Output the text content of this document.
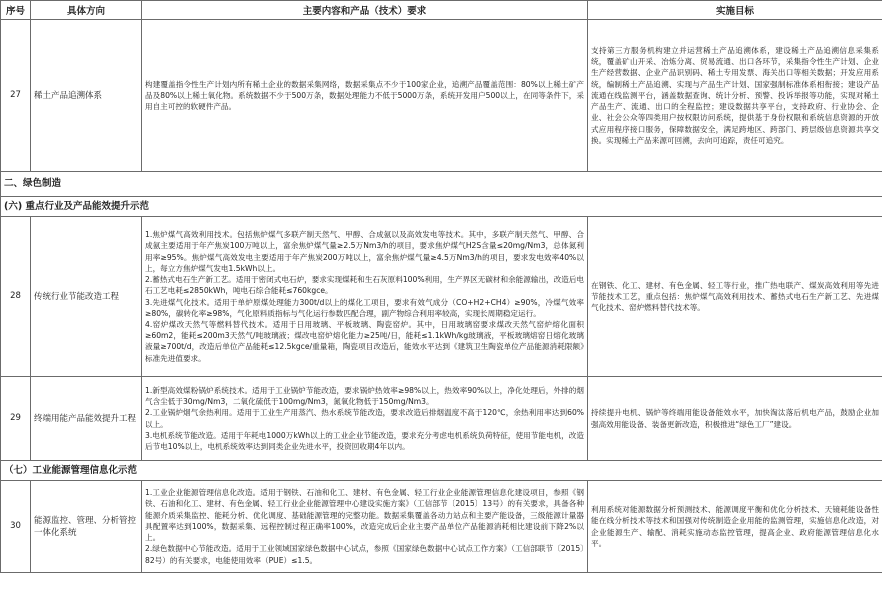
序号	具体方向	主要内容和产品（技术）要求	实施目标
27	稀土产品追溯体系	构建覆盖指令性生产计划内所有稀土企业的数据采集网络，数据采集点不少于100家企业，追溯产品覆盖范围：80%以上稀土矿产品及80%以上稀土氧化物。系统数据不少于500万条，数据处理能力不低于5000万条，系统开发用户500以上，在同等条件下，采用自主可控的软硬件产品。	支持第三方服务机构建立并运营稀土产品追溯体系，建设稀土产品追溯信息采集系统，覆盖矿山开采、冶炼分离、贸易流通、出口各环节，采集指令性生产计划、企业生产经营数据、企业产品识别码、稀土专用发票、海关出口等相关数据；开发应用系统，编制稀土产品追溯、实现与产品生产计划、国家强制标准体系相衔接；建设产品流通在线监测平台，涵盖数据查询、统计分析、预警、投诉举报等功能，实现对稀土产品生产、流通、出口的全程监控；建设数据共享平台，支持政府、行业协会、企业、社会公众等四类用户按权限访问系统，提供基于身份权限和系统信息资源的开放式应用程序接口服务，保障数据安全，满足跨地区、跨部门、跨层级信息资源共享交换。实现稀土产品来源可回溯，去向可追踪，责任可追究。
二、绿色制造			
(六) 重点行业及产品能效提升示范			
28	传统行业节能改造工程	1.焦炉煤气高效利用技术。包括焦炉煤气多联产制天然气、甲醇、合成氨以及高效发电等技术。其中，多联产制天然气、甲醇、合成氨主要适用于年产焦炭100万吨以上，富余焦炉煤气量≥2.5万Nm3/h的项目，要求焦炉煤气H2S含量≤20mg/Nm3，总体氮利用率≥95%。焦炉煤气高效发电主要适用于年产焦炭200万吨以上，富余焦炉煤气量≥4.5万Nm3/h的项目，要求发电效率40%以上，每立方焦炉煤气发电1.5kWh以上。
2.蓄热式电石生产新工艺。适用于密闭式电石炉，要求实现煤耗和生石灰原料100%利用，生产界区无碳材和余能源输出，改造后电石工艺电耗≤2850kWh，吨电石综合能耗≤760kgce。
3.先进煤气化技术。适用于单炉原煤处理能力300t/d以上的煤化工项目，要求有效气成分（CO+H2+CH4）≥90%，冷煤气效率≥80%，碳转化率≥98%，气化原料质指标与气化运行参数匹配合理，副产物综合利用率较高，实现长周期稳定运行。
4.窑炉煤改天然气等燃料替代技术。适用于日用玻璃、平板玻璃、陶瓷窑炉。其中，日用玻璃窑要求煤改天然气窑炉熔化面积≥60m2，能耗≤200m3天然气/吨玻璃液；煤改电窑炉熔化能力≥25吨/日，能耗≤1.1kWh/kg玻璃液，平板玻璃熔窑日熔化玻璃液量≥700t/d，改造后单位产品能耗≤12.5kgce/重量箱，陶瓷项目改造后，能效水平达到《建筑卫生陶瓷单位产品能源消耗限额》标准先进值要求。	在钢铁、化工、建材、有色金属、轻工等行业，推广热电联产、煤炭高效利用等先进节能技术工艺，重点包括：焦炉煤气高效利用技术、蓄热式电石生产新工艺、先进煤气化技术、窑炉燃料替代技术等。
29	终端用能产品能效提升工程	1.新型高效煤粉锅炉系统技术。适用于工业锅炉节能改造，要求锅炉热效率≥98%以上，热效率90%以上，净化处理后，外排的烟气含尘低于30mg/Nm3，二氧化硫低于100mg/Nm3，氮氧化物低于150mg/Nm3。
2.工业锅炉烟气余热利用。适用于工业生产用蒸汽、热水系统节能改造，要求改造后排烟温度不高于120℃，余热利用率达到60%以上。
3.电机系统节能改造。适用于年耗电1000万kWh以上的工业企业节能改造，要求充分考虑电机系统负荷特征，使用节能电机，改造后节电10%以上，电机系统效率达到同类企业先进水平，投资回收期4年以内。	持续提升电机、锅炉等终端用能设备能效水平，加快淘汰落后机电产品，鼓励企业加强高效用能设备、装备更新改造，积极推进“绿色工厂”建设。
（七）工业能源管理信息化示范			
30	能源监控、管理、分析管控一体化系统	1.工业企业能源管理信息化改造。适用于钢铁、石油和化工、建材、有色金属、轻工行业企业能源管理信息化建设项目，参照《钢铁、石油和化工、建材、有色金属、轻工行业企业能源管理中心建设实施方案》（工信部节〔2015〕13号）的有关要求，具备各种能源介质采集监控、能耗分析、优化调度、基础能源管理的完整功能。数据采集覆盖各动力站点和主要产能设备，三级能源计量器具配置率达到100%，数据采集、远程控制过程正确率100%，改造完成后企业主要产品单位产品能源消耗相比建设前下降2%以上。
2.绿色数据中心节能改造。适用于工业领域国家绿色数据中心试点，参照《国家绿色数据中心试点工作方案》（工信部联节〔2015〕82号）的有关要求，电能使用效率（PUE）≤1.5。	利用系统对能源数据分析预测技术、能源调度平衡和优化分析技术、天镜耗能设备性能在线分析技术等技术和国强对传统制造企业用能的监测管理，实施信息化改造，对企业能源生产、输配、消耗实施动态监控管理，提高企业、政府能源管理信息化水平。
